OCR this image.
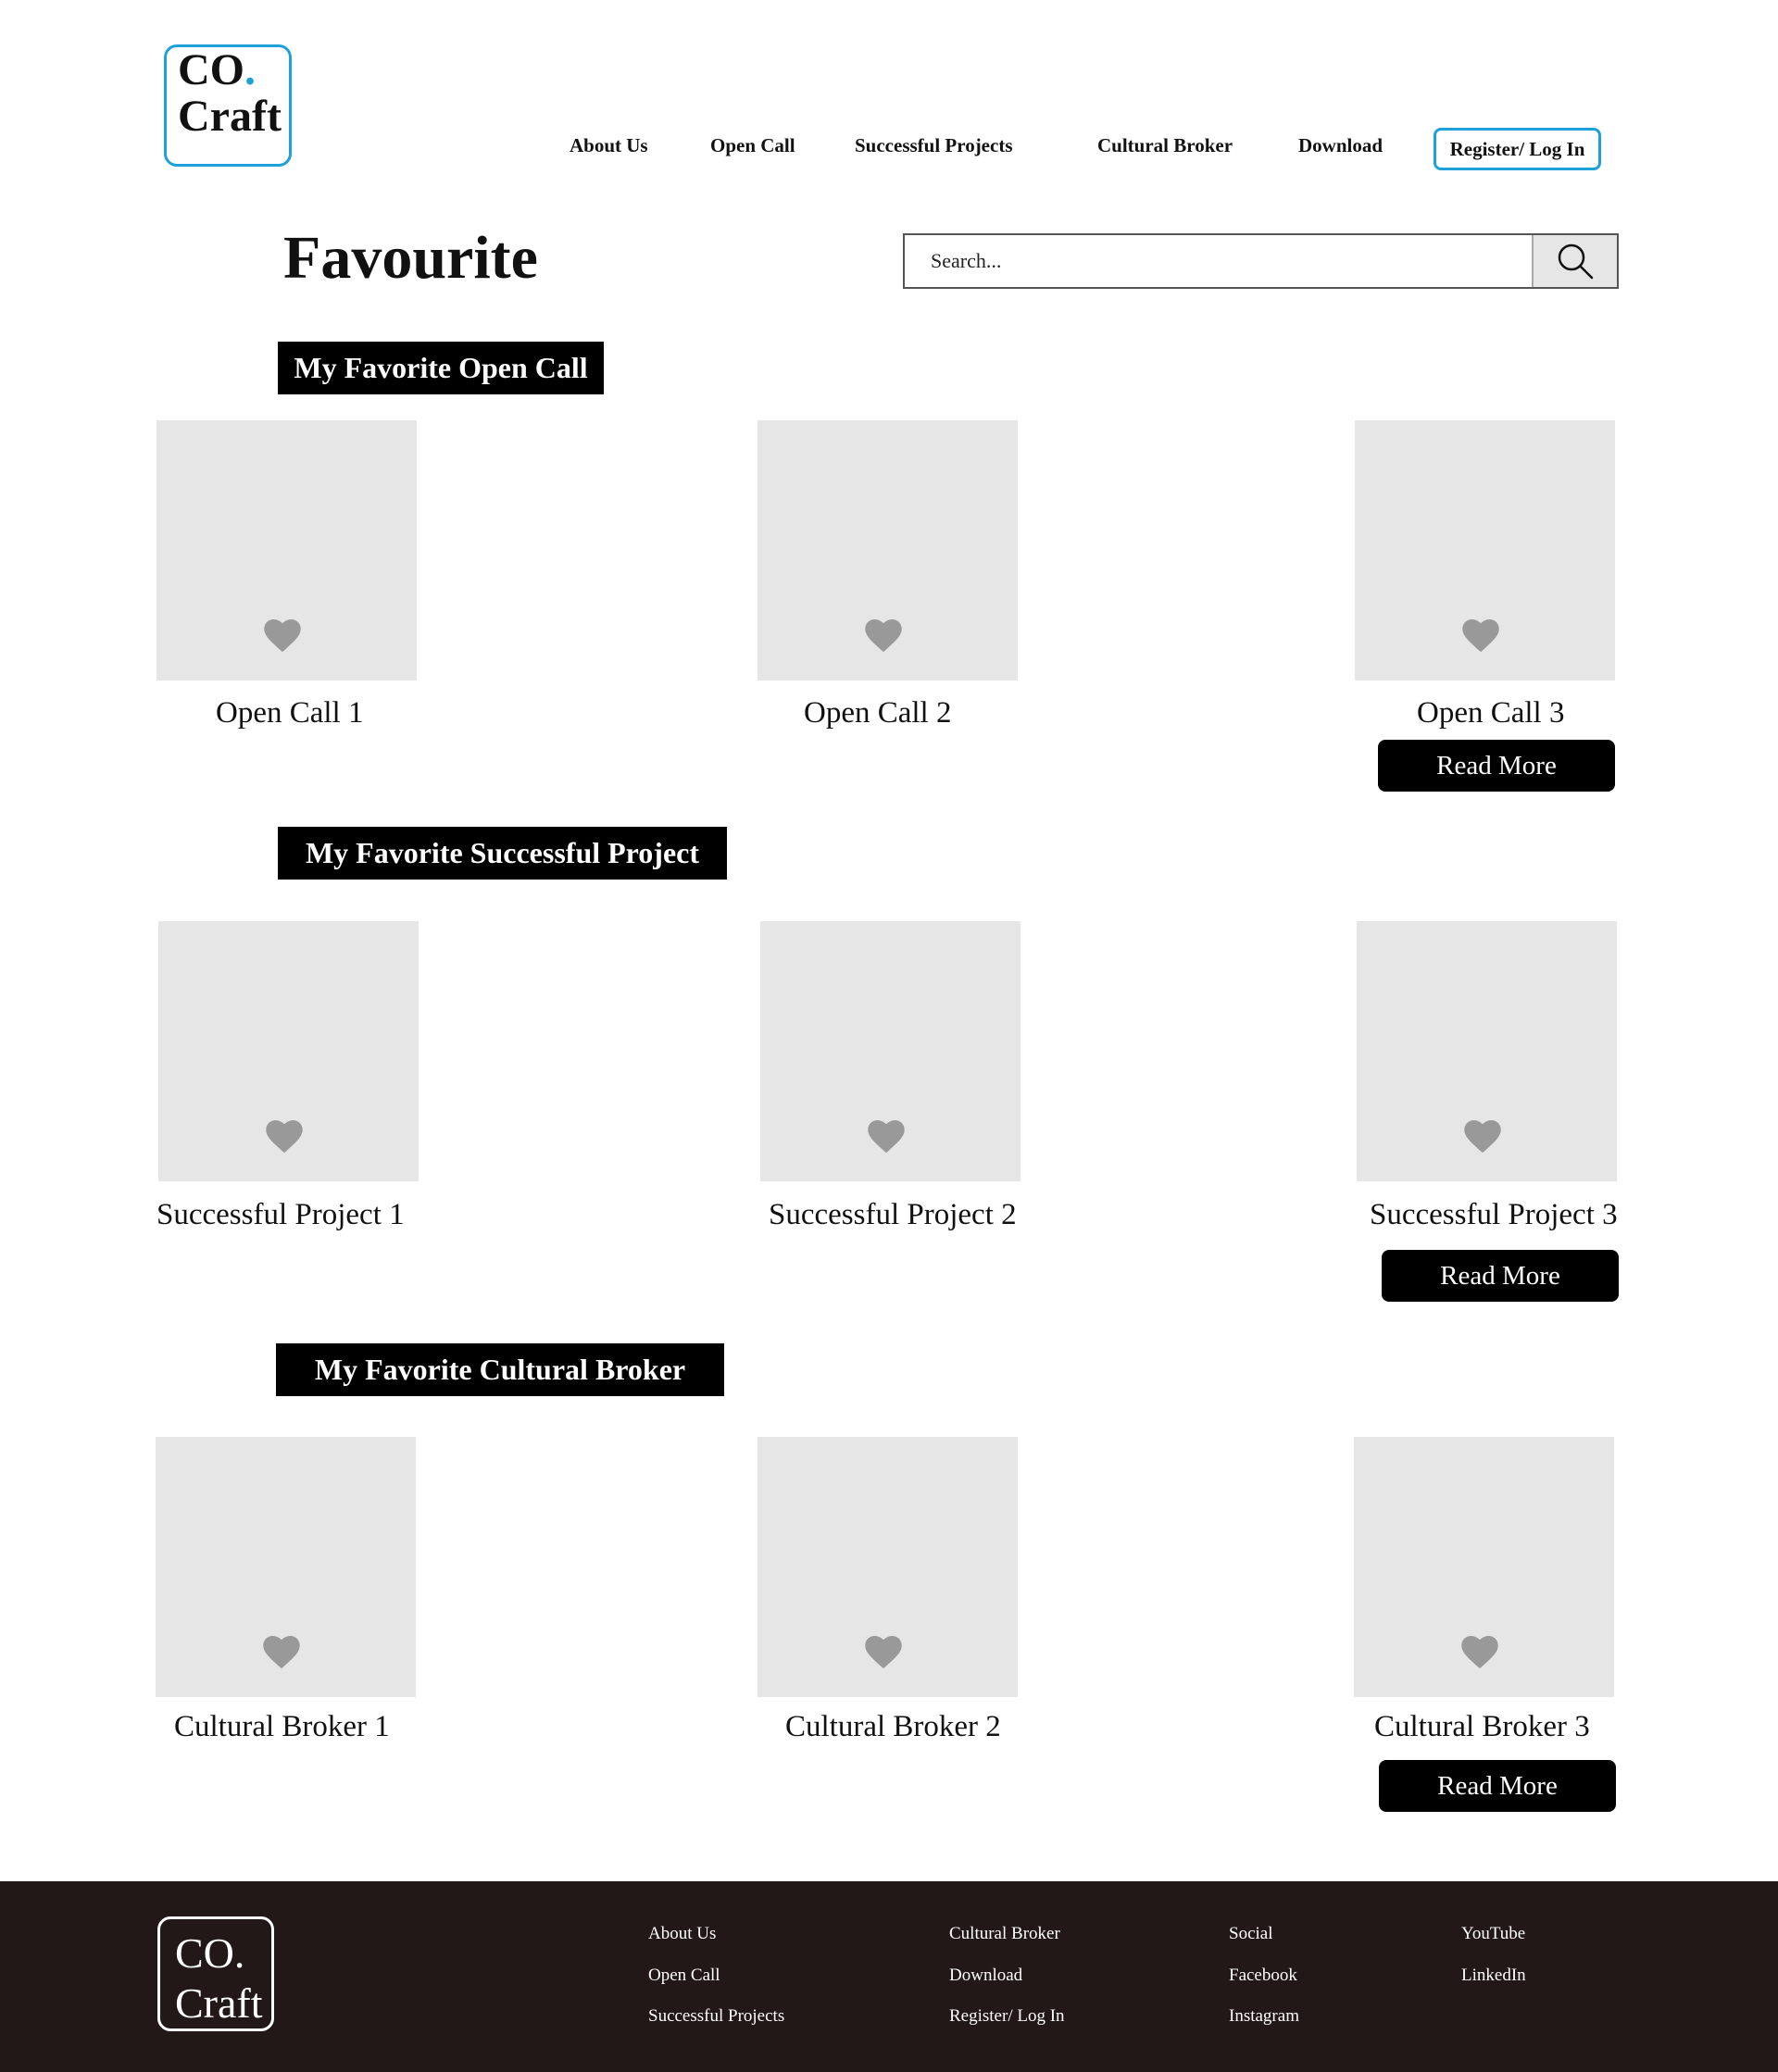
CO.
Craft
About Us	Open Call	Successful Projects	Cultural Broker	Download	Register/ Log In
Favourite
Search...
My Favorite Open Call
Open Call 1	Open Call 2	Open Call 3
Read More
My Favorite Successful Project
Successful Project 1	Successful Project 2	Successful Project 3
Read More
My Favorite Cultural Broker
Cultural Broker 1	Cultural Broker 2	Cultural Broker 3
Read More
CO.
Craft
About Us
Open Call
Successful Projects
Cultural Broker
Download
Register/ Log In
Social
Facebook
Instagram
YouTube
LinkedIn
